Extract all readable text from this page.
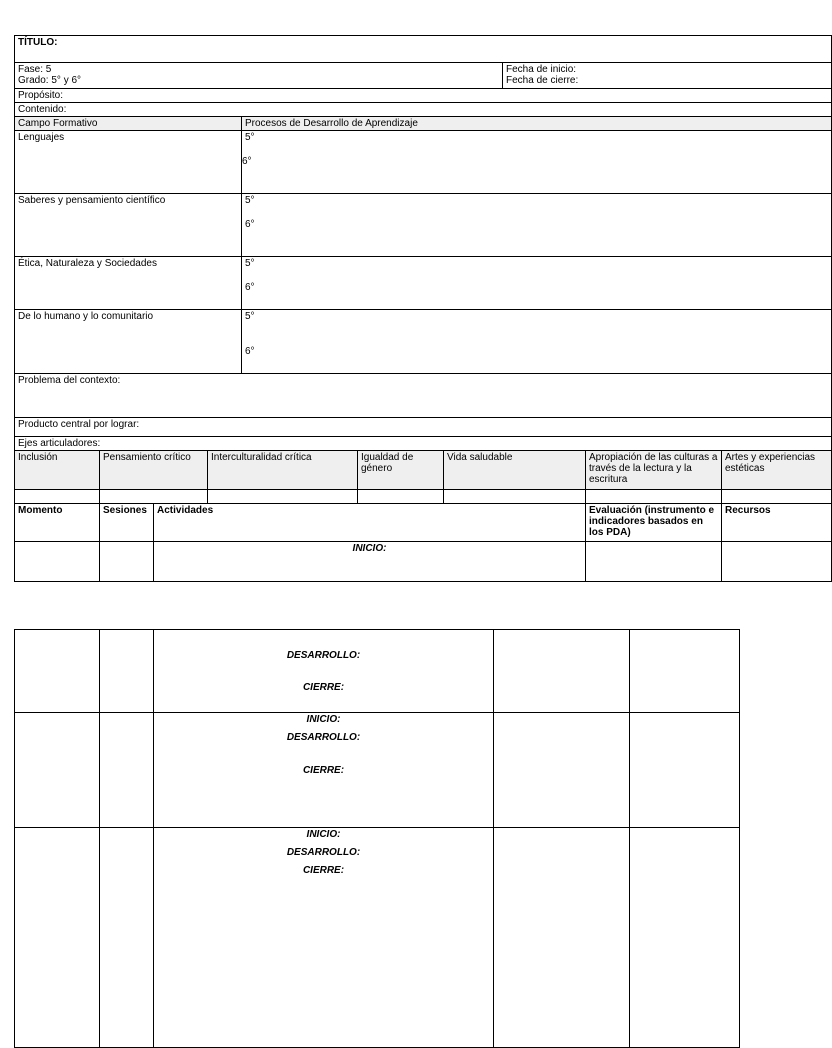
TÍTULO:									

Fase: 5
Grado: 5° y 6°							Fecha de inicio:
Fecha de cierre:		

Propósito:									
Contenido:									
Campo Formativo				Procesos de Desarrollo de Aprendizaje					
Lenguajes				5°
6°					

Saberes y pensamiento científico				5°
6°					

Ética, Naturaleza y Sociedades				5°
6°					

De lo humano y lo comunitario				5°
6°					

Problema del contexto:									
Producto central por lograr:									
Ejes articuladores:									
Inclusión	Pensamiento crítico		Interculturalidad crítica		Igualdad de género	Vida saludable		Apropiación de las culturas a través de la lectura y la escritura	Artes y experiencias estéticas

Momento	Sesiones	Actividades						Evaluación (instrumento e indicadores basados en los PDA)	Recursos

		INICIO:							

		DESARROLLO:
CIERRE:		

		INICIO:
DESARROLLO:
CIERRE:		

		INICIO:
DESARROLLO:
CIERRE:		
